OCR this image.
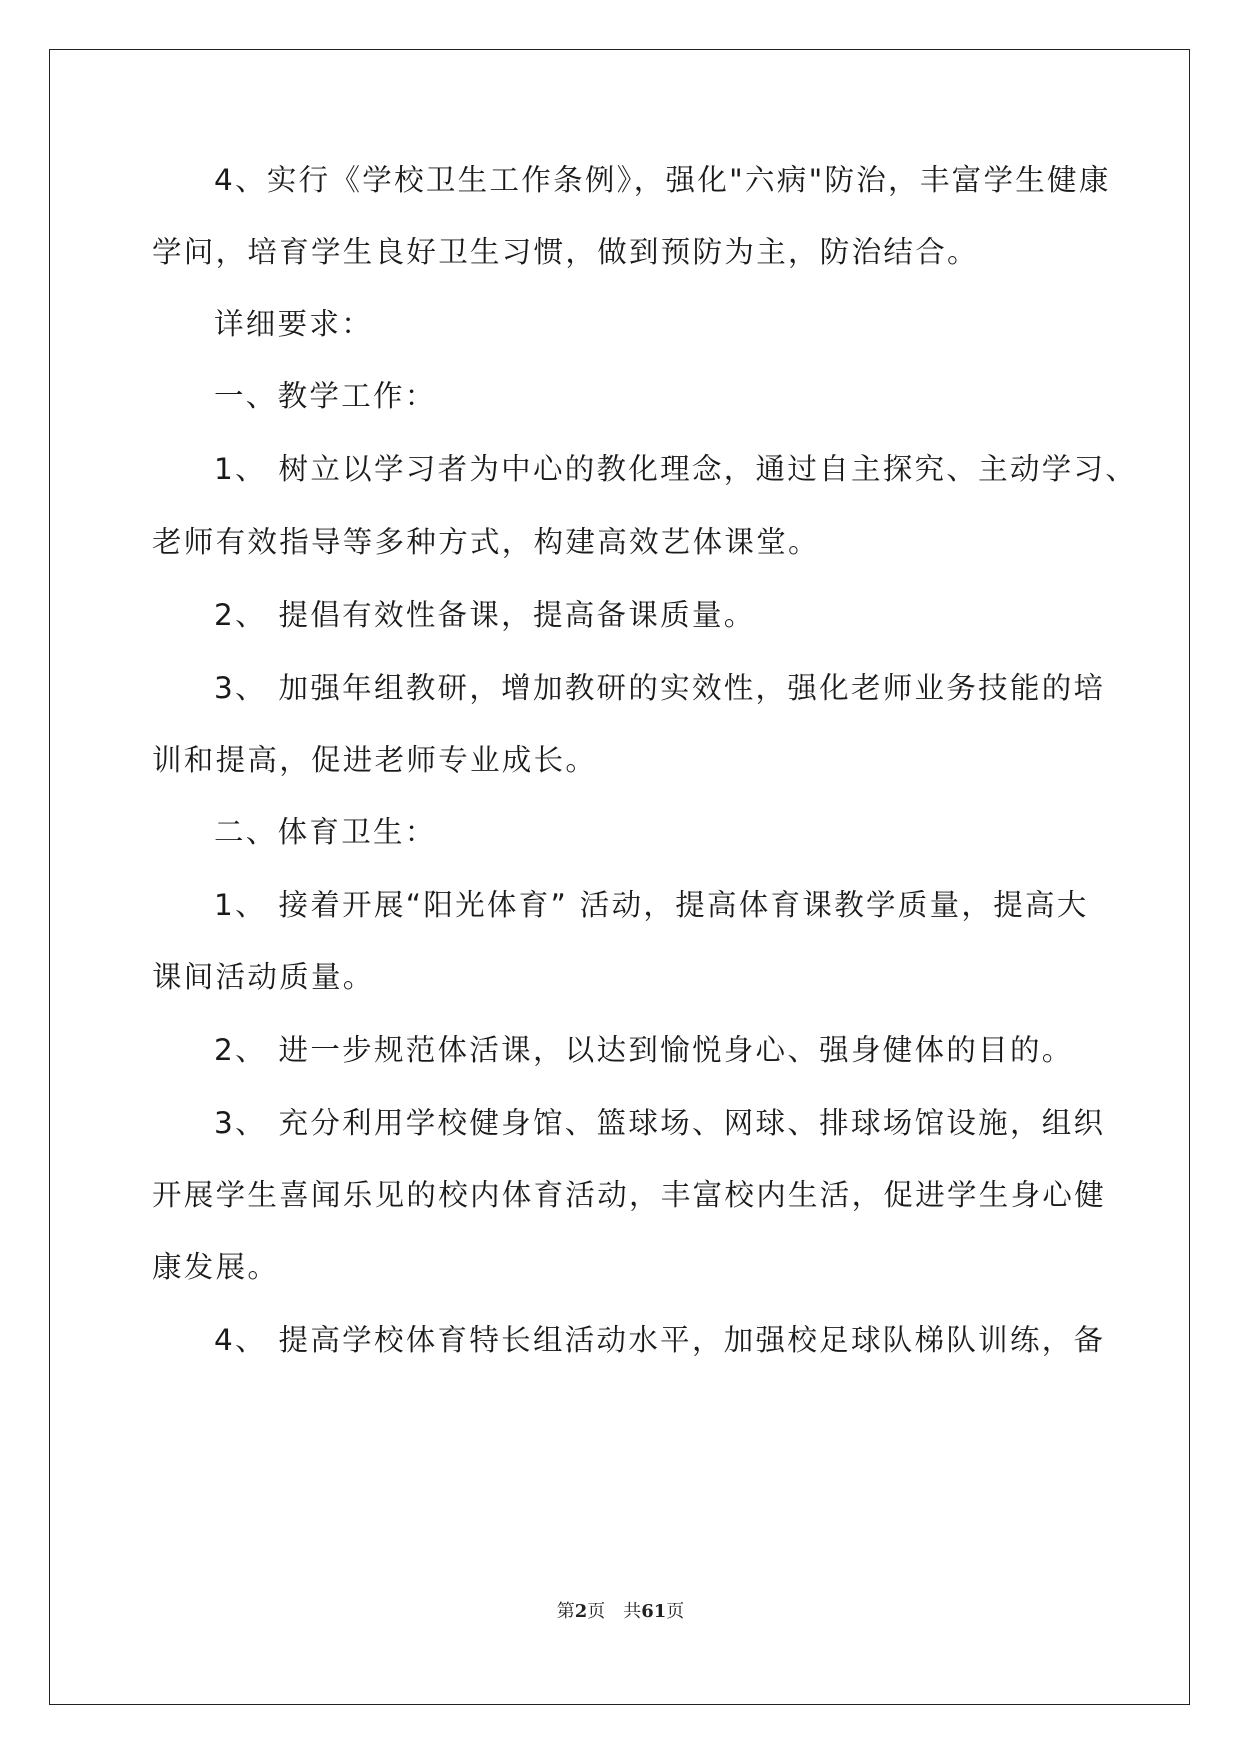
4、实行《学校卫生工作条例》，强化"六病"防治，丰富学生健康
学问，培育学生良好卫生习惯，做到预防为主，防治结合。
详细要求：
一、教学工作：
1、 树立以学习者为中心的教化理念，通过自主探究、主动学习、
老师有效指导等多种方式，构建高效艺体课堂。
2、 提倡有效性备课，提高备课质量。
3、 加强年组教研，增加教研的实效性，强化老师业务技能的培
训和提高，促进老师专业成长。
二、体育卫生：
1、 接着开展“阳光体育” 活动，提高体育课教学质量，提高大
课间活动质量。
2、 进一步规范体活课，以达到愉悦身心、强身健体的目的。
3、 充分利用学校健身馆、篮球场、网球、排球场馆设施，组织
开展学生喜闻乐见的校内体育活动，丰富校内生活，促进学生身心健
康发展。
4、 提高学校体育特长组活动水平，加强校足球队梯队训练，备
第2页 共61页
